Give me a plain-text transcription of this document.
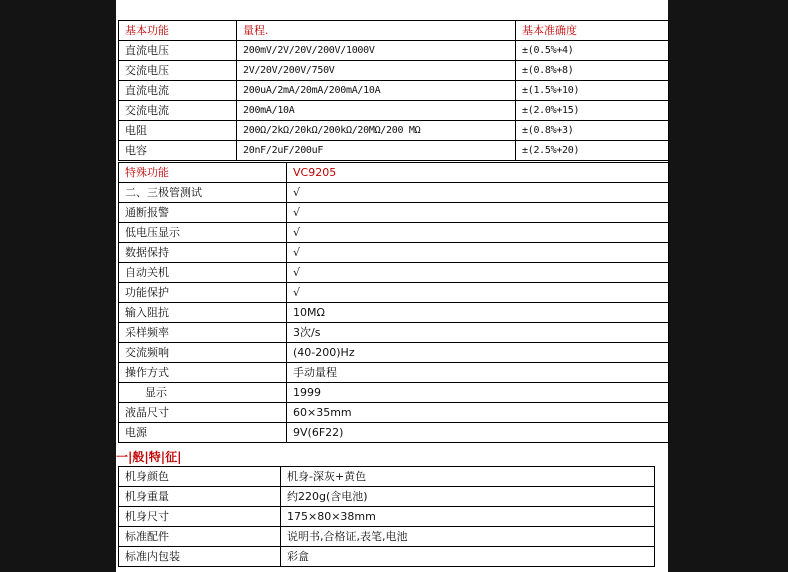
基本功能	量程.	基本准确度
直流电压	200mV/2V/20V/200V/1000V	±(0.5%+4)
交流电压	2V/20V/200V/750V	±(0.8%+8)
直流电流	200uA/2mA/20mA/200mA/10A	±(1.5%+10)
交流电流	200mA/10A	±(2.0%+15)
电阻	200Ω/2kΩ/20kΩ/200kΩ/20MΩ/200 MΩ	±(0.8%+3)
电容	20nF/2uF/200uF	±(2.5%+20)
特殊功能	VC9205
二、三极管测试	√
通断报警	√
低电压显示	√
数据保持	√
自动关机	√
功能保护	√
输入阻抗	10MΩ
采样频率	3次/s
交流频响	(40-200)Hz
操作方式	手动量程
显示	1999
液晶尺寸	60×35mm
电源	9V(6F22)
一|般|特|征|
机身颜色	机身-深灰+黄色
机身重量	约220g(含电池)
机身尺寸	175×80×38mm
标准配件	说明书,合格证,表笔,电池
标准内包装	彩盒
